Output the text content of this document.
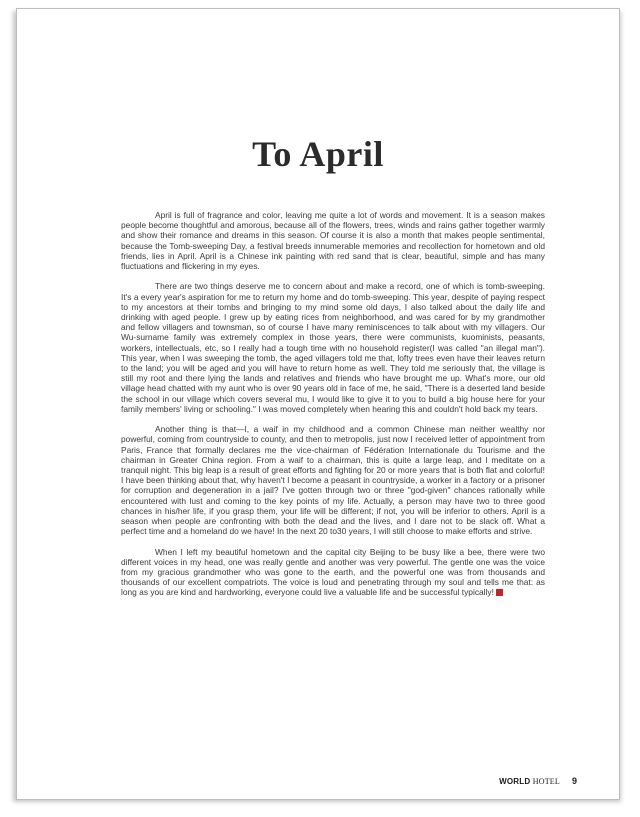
To April

April is full of fragrance and color, leaving me quite a lot of words and movement. It is a season makes people become thoughtful and amorous, because all of the flowers, trees, winds and rains gather together warmly and show their romance and dreams in this season. Of course it is also a month that makes people sentimental, because the Tomb-sweeping Day, a festival breeds innumerable memories and recollection for hometown and old friends, lies in April. April is a Chinese ink painting with red sand that is clear, beautiful, simple and has many fluctuations and flickering in my eyes.

There are two things deserve me to concern about and make a record, one of which is tomb-sweeping. It's a every year's aspiration for me to return my home and do tomb-sweeping. This year, despite of paying respect to my ancestors at their tombs and bringing to my mind some old days, I also talked about the daily life and drinking with aged people. I grew up by eating rices from neighborhood, and was cared for by my grandmother and fellow villagers and townsman, so of course I have many reminiscences to talk about with my villagers. Our Wu-surname family was extremely complex in those years, there were communists, kuominists, peasants, workers, intellectuals, etc, so I really had a tough time with no household register(I was called "an illegal man"). This year, when I was sweeping the tomb, the aged villagers told me that, lofty trees even have their leaves return to the land; you will be aged and you will have to return home as well. They told me seriously that, the village is still my root and there lying the lands and relatives and friends who have brought me up. What's more, our old village head chatted with my aunt who is over 90 years old in face of me, he said, "There is a deserted land beside the school in our village which covers several mu, I would like to give it to you to build a big house here for your family members' living or schooling." I was moved completely when hearing this and couldn't hold back my tears.

Another thing is that—I, a waif in my childhood and a common Chinese man neither wealthy nor powerful, coming from countryside to county, and then to metropolis, just now I received letter of appointment from Paris, France that formally declares me the vice-chairman of Fédération Internationale du Tourisme and the chairman in Greater China region. From a waif to a chairman, this is quite a large leap, and I meditate on a tranquil night. This big leap is a result of great efforts and fighting for 20 or more years that is both flat and colorful! I have been thinking about that, why haven't I become a peasant in countryside, a worker in a factory or a prisoner for corruption and degeneration in a jail? I've gotten through two or three "god-given" chances rationally while encountered with lust and coming to the key points of my life. Actually, a person may have two to three good chances in his/her life, if you grasp them, your life will be different; if not, you will be inferior to others. April is a season when people are confronting with both the dead and the lives, and I dare not to be slack off. What a perfect time and a homeland do we have! In the next 20 to30 years, I will still choose to make efforts and strive.

When I left my beautiful hometown and the capital city Beijing to be busy like a bee, there were two different voices in my head, one was really gentle and another was very powerful. The gentle one was the voice from my gracious grandmother who was gone to the earth, and the powerful one was from thousands and thousands of our excellent compatriots. The voice is loud and penetrating through my soul and tells me that: as long as you are kind and hardworking, everyone could live a valuable life and be successful typically!

WORLD HOTEL 9
